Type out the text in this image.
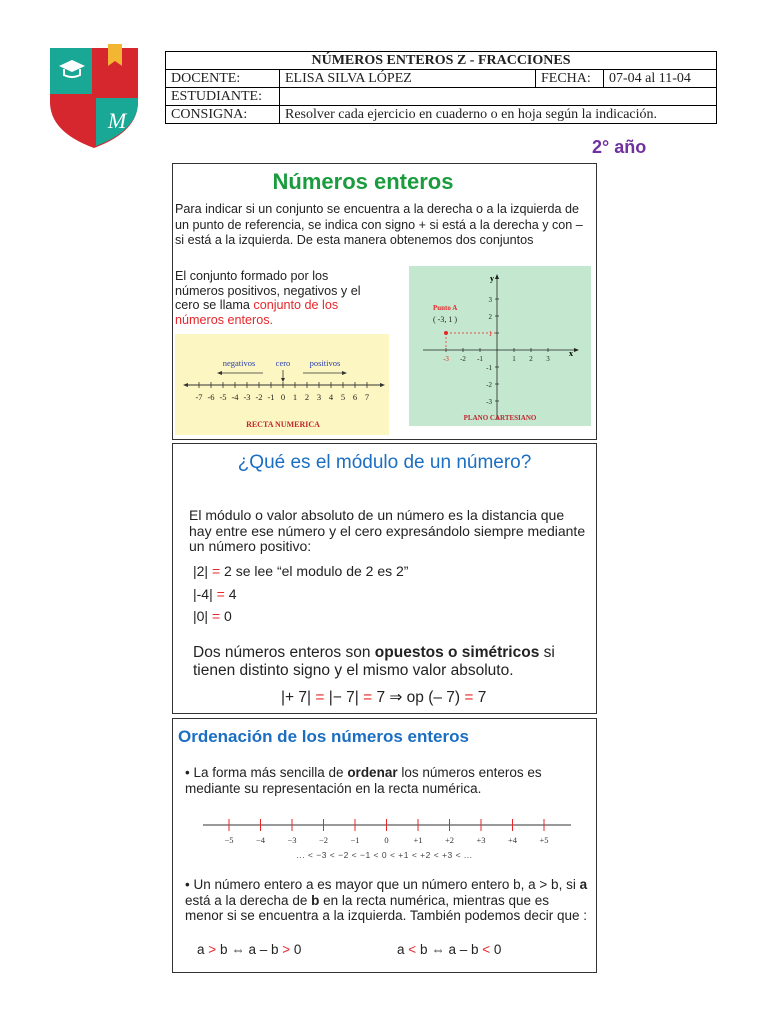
M
NÚMEROS ENTEROS Z - FRACCIONES			
DOCENTE:	ELISA SILVA LÓPEZ	FECHA:	07-04 al 11-04
ESTUDIANTE:			
CONSIGNA:	Resolver cada ejercicio en cuaderno o en hoja según la indicación.		
2° año
Números enteros
Para indicar si un conjunto se encuentra a la derecha o a la izquierda de un punto de referencia, se indica con signo + si está a la derecha y con – si está a la izquierda. De esta manera obtenemos dos conjuntos
El conjunto formado por los números positivos, negativos y el cero se llama conjunto de los números enteros.
negativos cero positivos
-7 -6 -5 -4 -3 -2 -1 0 1 2 3 4 5 6 7
RECTA NUMERICA
x
y
-3 -2 -1	1 2 3
3
2
1
-1
-2
-3
Punto A
( -3, 1 )
PLANO CARTESIANO
¿Qué es el módulo de un número?
El módulo o valor absoluto de un número es la distancia que hay entre ese número y el cero expresándolo siempre mediante un número positivo:
|2| = 2 se lee “el modulo de 2 es 2”
|-4| = 4
|0| = 0
Dos números enteros son opuestos o simétricos si tienen distinto signo y el mismo valor absoluto.
|+ 7| = |− 7| = 7 ⇒ op (– 7) = 7
Ordenación de los números enteros
• La forma más sencilla de ordenar los números enteros es mediante su representación en la recta numérica.
−5	−4	−3	−2	−1	0	+1	+2	+3	+4	+5
... < −3 < −2 < −1 < 0 < +1 < +2 < +3 < ...
• Un número entero a es mayor que un número entero b, a > b, si a está a la derecha de b en la recta numérica, mientras que es menor si se encuentra a la izquierda. También podemos decir que :
a > b ⇔ a – b > 0	a < b ⇔ a – b < 0
